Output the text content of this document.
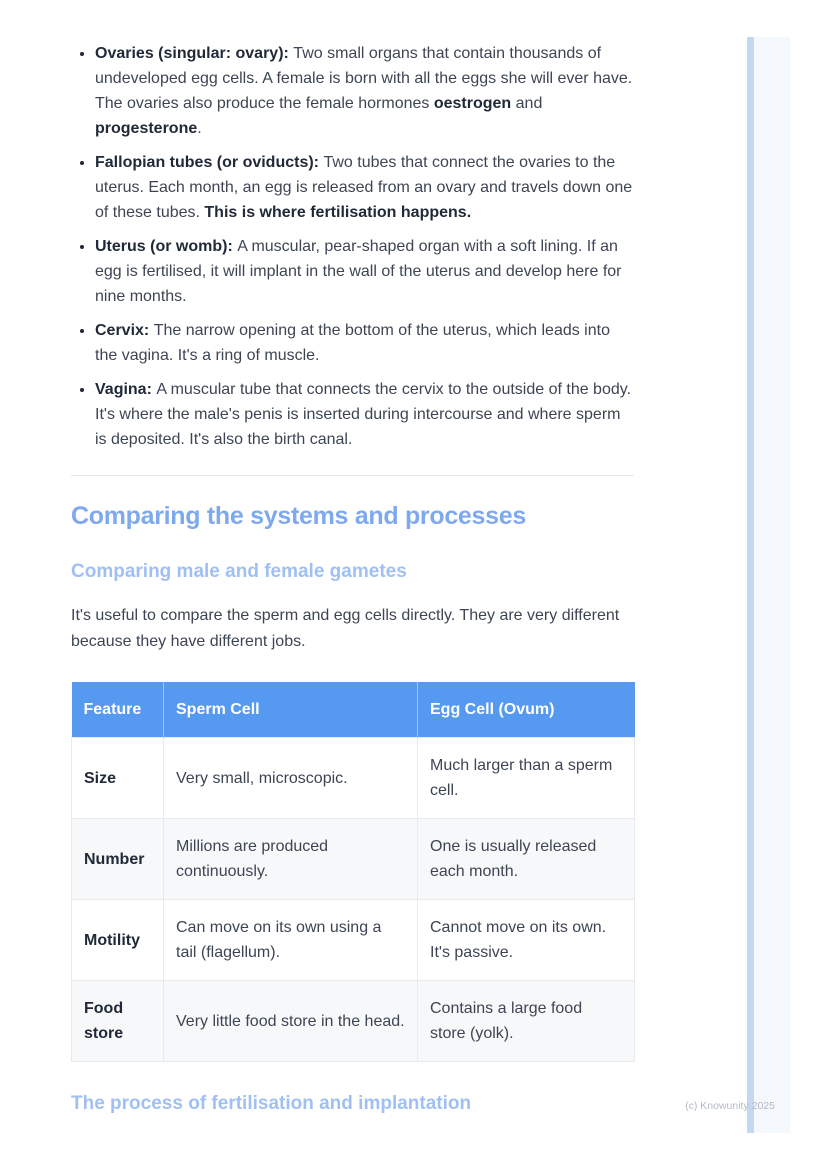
• Ovaries (singular: ovary): Two small organs that contain thousands of undeveloped egg cells. A female is born with all the eggs she will ever have. The ovaries also produce the female hormones oestrogen and progesterone.
• Fallopian tubes (or oviducts): Two tubes that connect the ovaries to the uterus. Each month, an egg is released from an ovary and travels down one of these tubes. This is where fertilisation happens.
• Uterus (or womb): A muscular, pear-shaped organ with a soft lining. If an egg is fertilised, it will implant in the wall of the uterus and develop here for nine months.
• Cervix: The narrow opening at the bottom of the uterus, which leads into the vagina. It's a ring of muscle.
• Vagina: A muscular tube that connects the cervix to the outside of the body. It's where the male's penis is inserted during intercourse and where sperm is deposited. It's also the birth canal.
Comparing the systems and processes
Comparing male and female gametes

It's useful to compare the sperm and egg cells directly. They are very different because they have different jobs.

Feature	Sperm Cell	Egg Cell (Ovum)
Size	Very small, microscopic.	Much larger than a sperm cell.
Number	Millions are produced continuously.	One is usually released each month.
Motility	Can move on its own using a tail (flagellum).	Cannot move on its own. It's passive.
Food store	Very little food store in the head.	Contains a large food store (yolk).
The process of fertilisation and implantation	(c) Knowunity 2025
